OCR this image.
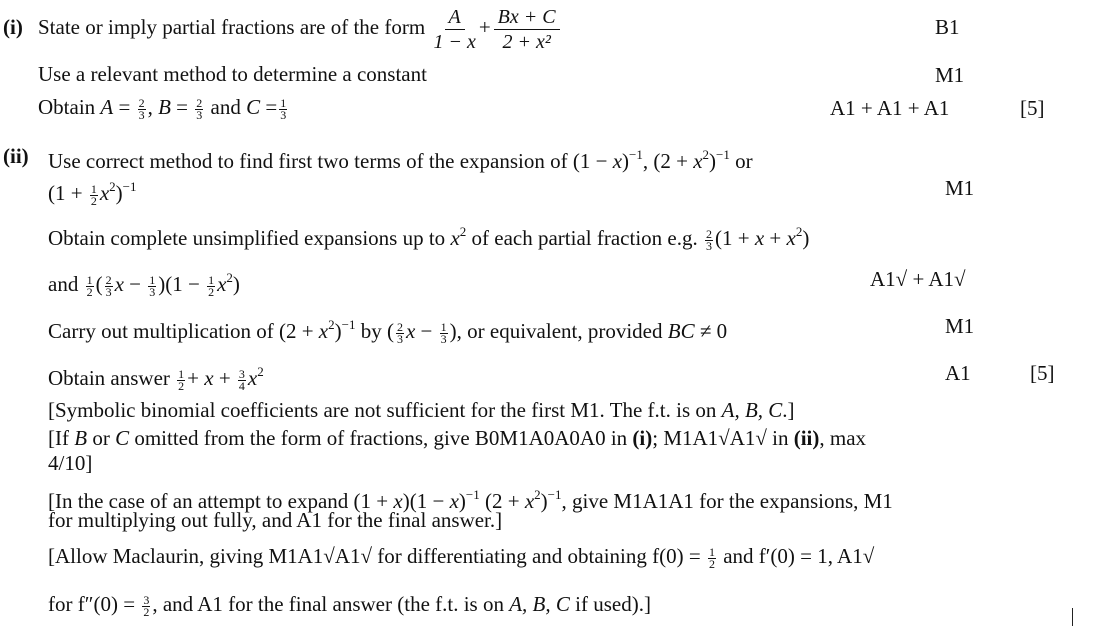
(i) State or imply partial fractions are of the form $\frac{A}{1 - x} + \frac{Bx + C}{\text{2 + x²}}$	B1
Use a relevant method to determine a constant	M1
Obtain $A = \frac{2}{3}$ , $B = \frac{2}{3}$ and $C = \frac{1}{3}$	A1 + A1 + A1	[5]
(ii) Use correct method to find first two terms of the expansion of $(1 - x)^{-1}$, $(2 + x^2)^{-1}$ or
$(1 + \frac{1}{2} x^2)^{-1}$	M1
Obtain complete unsimplified expansions up to $x^2$ of each partial fraction e.g. $\frac{2}{3} (1 + x + x^2)$
and $\frac{1}{2}$ ( $\frac{2}{3}$ $x - \frac{1}{3} )(1 - \frac{1}{2} x^2)$	A1√ + A1√
Carry out multiplication of $(2 + x^2)^{-1}$ by ( $\frac{2}{3}$ $x - \frac{1}{3}$ ), or equivalent, provided BC ≠ 0	M1
Obtain answer $\frac{1}{2} + x + \frac{3}{4} x^2$	A1	[5]
[Symbolic binomial coefficients are not sufficient for the first M1. The f.t. is on A, B, C.]
[If B or C omitted from the form of fractions, give B0M1A0A0A0 in (i); M1A1√A1√ in (ii), max
4/10]
[In the case of an attempt to expand $(1 + x)(1 - x)^{-1}$ $(2 + x^2)^{-1}$, give M1A1A1 for the expansions, M1
for multiplying out fully, and A1 for the final answer.]
[Allow Maclaurin, giving M1A1√A1√ for differentiating and obtaining $f(0) = \frac{1}{2}$ and f′(0) = 1, A1√
for $f''(0) = \frac{3}{2}$ , and A1 for the final answer (the f.t. is on A, B, C if used).]
